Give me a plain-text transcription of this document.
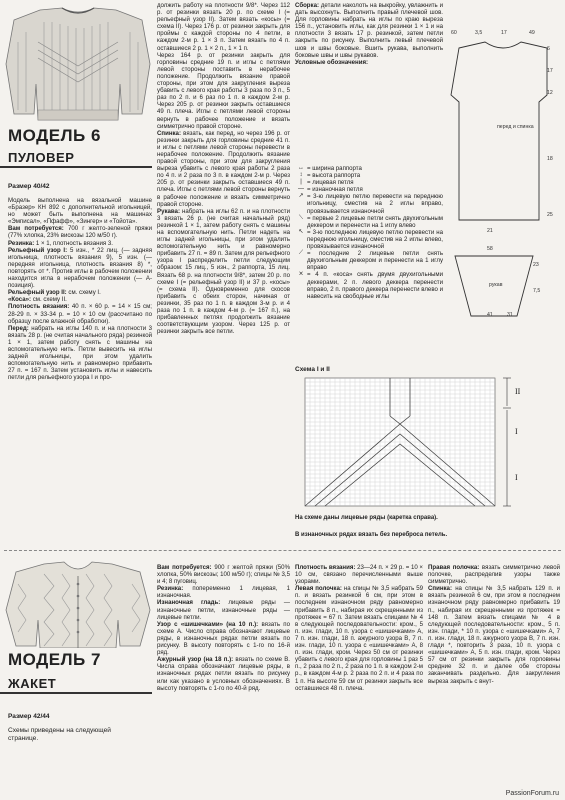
МОДЕЛЬ 6
ПУЛОВЕР
Размер 40/42

Модель выполнена на вязальной машине «Бразер» КН 892 с дополнительной игольницей, но может быть выполнена на машинах «Эмписал», «Пфафф», «Зингер» и «Тойота».

Вам потребуется: 700 г желто-зеленой пряжи (77% хлопка, 23% вискозы 120 м/50 г).

Резинка: 1 × 1, плотность вязания 3.

Рельефный узор I: 5 изн., * 22 лиц. (— задняя игольница, плотность вязания 9), 5 изн. (— передняя игольница, плотность вязания 8) *, повторять от *. Против иглы в рабочем положении находится игла в нерабочем положении (— A-позиция).

Рельефный узор II: см. схему I.

«Коса»: см. схему II.

Плотность вязания: 40 п. × 60 р. = 14 × 15 см; 28-29 п. × 33-34 р. = 10 × 10 см (рассчитано по образцу после влажной обработки).

Перед: набрать на иглы 140 п. и на плотности 3 вязать 28 р. (не считая начального ряда) резинкой 1 × 1, затем работу снять с машины на вспомогательную нить. Петли вывесить на иглы задней игольницы, при этом удалить вспомогательную нить и равномерно прибавить 27 п. = 167 п. Затем установить иглы и навесить петли для рельефного узора I и про-

должить работу на плотности 9/8*. Через 112 р. от резинки вязать 20 р. по схеме I (= рельефный узор II). Затем вязать «косы» (= схема II). Через 176 р. от резинки закрыть для проймы с каждой стороны по 4 петли, в каждом 2-м р. 1 × 3 п. Затем вязать по 4 п. оставшиеся 2 р. 1 × 2 п., 1 × 1 п.

Через 164 р. от резинки закрыть для горловины средние 19 п. и иглы с петлями левой стороны поставить в нерабочее положение. Продолжить вязание правой стороны, при этом для закругления выреза убавить с левого края работы 3 раза по 3 п., 5 раз по 2 п. и 6 раз по 1 п. в каждом 2-м р. Через 205 р. от резинки закрыть оставшиеся 49 п. плеча. Иглы с петлями левой стороны вернуть в рабочее положение и вязать симметрично правой стороне.

Спинка: вязать, как перед, но через 196 р. от резинки закрыть для горловины средние 41 п. и иглы с петлями левой стороны перевести в нерабочее положение. Продолжить вязание правой стороны, при этом для закругления выреза убавить с левого края работы 2 раза по 4 п. и 2 раза по 3 п. в каждом 2-м р. Через 205 р. от резинки закрыть оставшиеся 49 п. плеча. Иглы с петлями левой стороны вернуть в рабочее положение и вязать симметрично правой стороне.

Рукава: набрать на иглы 62 п. и на плотности 3 вязать 26 р. (не считая начальный ряд) резинкой 1 × 1, затем работу снять с машины на вспомогательную нить. Петли надеть на иглы задней игольницы, при этом удалить вспомогательную нить и равномерно прибавить 27 п. = 89 п. Затем для рельефного узора I распределить петли следующим образом: 15 лиц., 5 изн., 2 раппорта, 15 лиц. Вязать 68 р. на плотности 9/8*, затем 20 р. по схеме I (= рельефный узор II) и 37 р. «косы» (= схема II). Одновременно для скосов прибавить с обеих сторон, начиная от резинки, 35 раз по 1 п. в каждом 3-м р. и 4 раза по 1 п. в каждом 4-м р. (= 167 п.), на прибавленных петлях продолжить вязание соответствующим узором. Через 125 р. от резинки закрыть все петли.

Сборка: детали наколоть на выкройку, увлажнить и дать высохнуть. Выполнить правый плечевой шов. Для горловины набрать на иглы по краю выреза 156 п., установить иглы, как для резинки 1 × 1 и на плотности 3 вязать 17 р. резинкой, затем петли закрыть по рисунку. Выполнить левый плечевой шов и швы боковые. Вшить рукава, выполнить боковые швы и швы рукавов.

Условные обозначения:

↔ = ширина раппорта
↕ = высота раппорта
| = лицевая петля
— = изнаночная петля
↗ = 3-ю лицевую петлю перевести на переднюю игольницу, сместив на 2 иглы вправо, провязывается изнаночной
⟍ = первые 2 лицевые петли снять двухигольным деккером и перенести на 1 иглу влево
↖ = 3-ю последнюю лицевую петлю перевести на переднюю игольницу, сместив на 2 иглы влево, провязывается изнаночной
⟋ = последние 2 лицевые петли снять двухигольным деккером и перенести на 1 иглу вправо
⨯ = 4 п. «коса» снять двумя двухигольными деккерами, 2 п. левого деккера перенести вправо, 2 п. правого деккера перенести влево и навесить на свободные иглы
перед и спинка
рукав
60	3,5	17	49
6
17
12
18
25
21
58
23
7,5
41	31
Схема I и II
II
I
I
На схеме даны лицевые ряды (каретка справа).
В изнаночных рядах вязать без переброса петель.
МОДЕЛЬ 7
ЖАКЕТ
Размер 42/44
Схемы приведены на следующей странице.

Вам потребуется: 900 г желтой пряжи (50% хлопка, 50% вискозы; 100 м/50 г); спицы № 3,5 и 4; 8 пуговиц.

Резинка: попеременно 1 лицевая, 1 изнаночная.

Изнаночная гладь: лицевые ряды — изнаночные петли, изнаночные ряды — лицевые петли.

Узор с «шишечками» (на 10 п.): вязать по схеме А. Число справа обозначают лицевые ряды, в изнаночных рядах петли вязать по рисунку. В высоту повторять с 1-го по 16-й ряд.

Ажурный узор (на 18 п.): вязать по схеме В. Числа справа обозначают лицевые ряды, в изнаночных рядах петли вязать по рисунку или как указано в условных обозначениях. В высоту повторять с 1-го по 40-й ряд.

Плотность вязания: 23—24 п. × 29 р. = 10 × 10 см, связано перечисленными выше узорами.

Левая полочка: на спицы № 3,5 набрать 59 п. и вязать резинкой 6 см, при этом в последнем изнаночном ряду равномерно прибавить 8 п., набирая их скрещенными из протяжек = 67 п. Затем вязать спицами № 4 в следующей последовательности: кром., 5 п. изн. глади, 10 п. узора с «шишечками» А, 7 п. изн. глади, 18 п. ажурного узора В, 7 п. изн. глади, 10 п. узора с «шишечками» А, 8 п. изн. глади, кром. Через 50 см от резинки убавить с левого края для горловины 1 раз 5 п., 2 раза по 2 п., 2 раза по 1 п. в каждом 2-м р., в каждом 4-м р. 2 раза по 2 п. и 4 раза по 1 п. На высоте 59 см от резинки закрыть все оставшиеся 48 п. плеча.

Правая полочка: вязать симметрично левой полочке, распределив узоры также симметрично.

Спинка: на спицы № 3,5 набрать 129 п. и вязать резинкой 6 см, при этом в последнем изнаночном ряду равномерно прибавить 19 п., набирая их скрещенными из протяжек = 148 п. Затем вязать спицами № 4 в следующей последовательности: кром., 5 п. изн. глади, * 10 п. узора с «шишечками» А, 7 п. изн. глади, 18 п. ажурного узора В, 7 п. изн. глади *, повторить 3 раза, 10 п. узора с «шишечками» А, 5 п. изн. глади, кром. Через 57 см от резинки закрыть для горловины средние 32 п. и далее обе стороны заканчивать раздельно. Для закругления выреза закрыть с внут-

PassionForum.ru
